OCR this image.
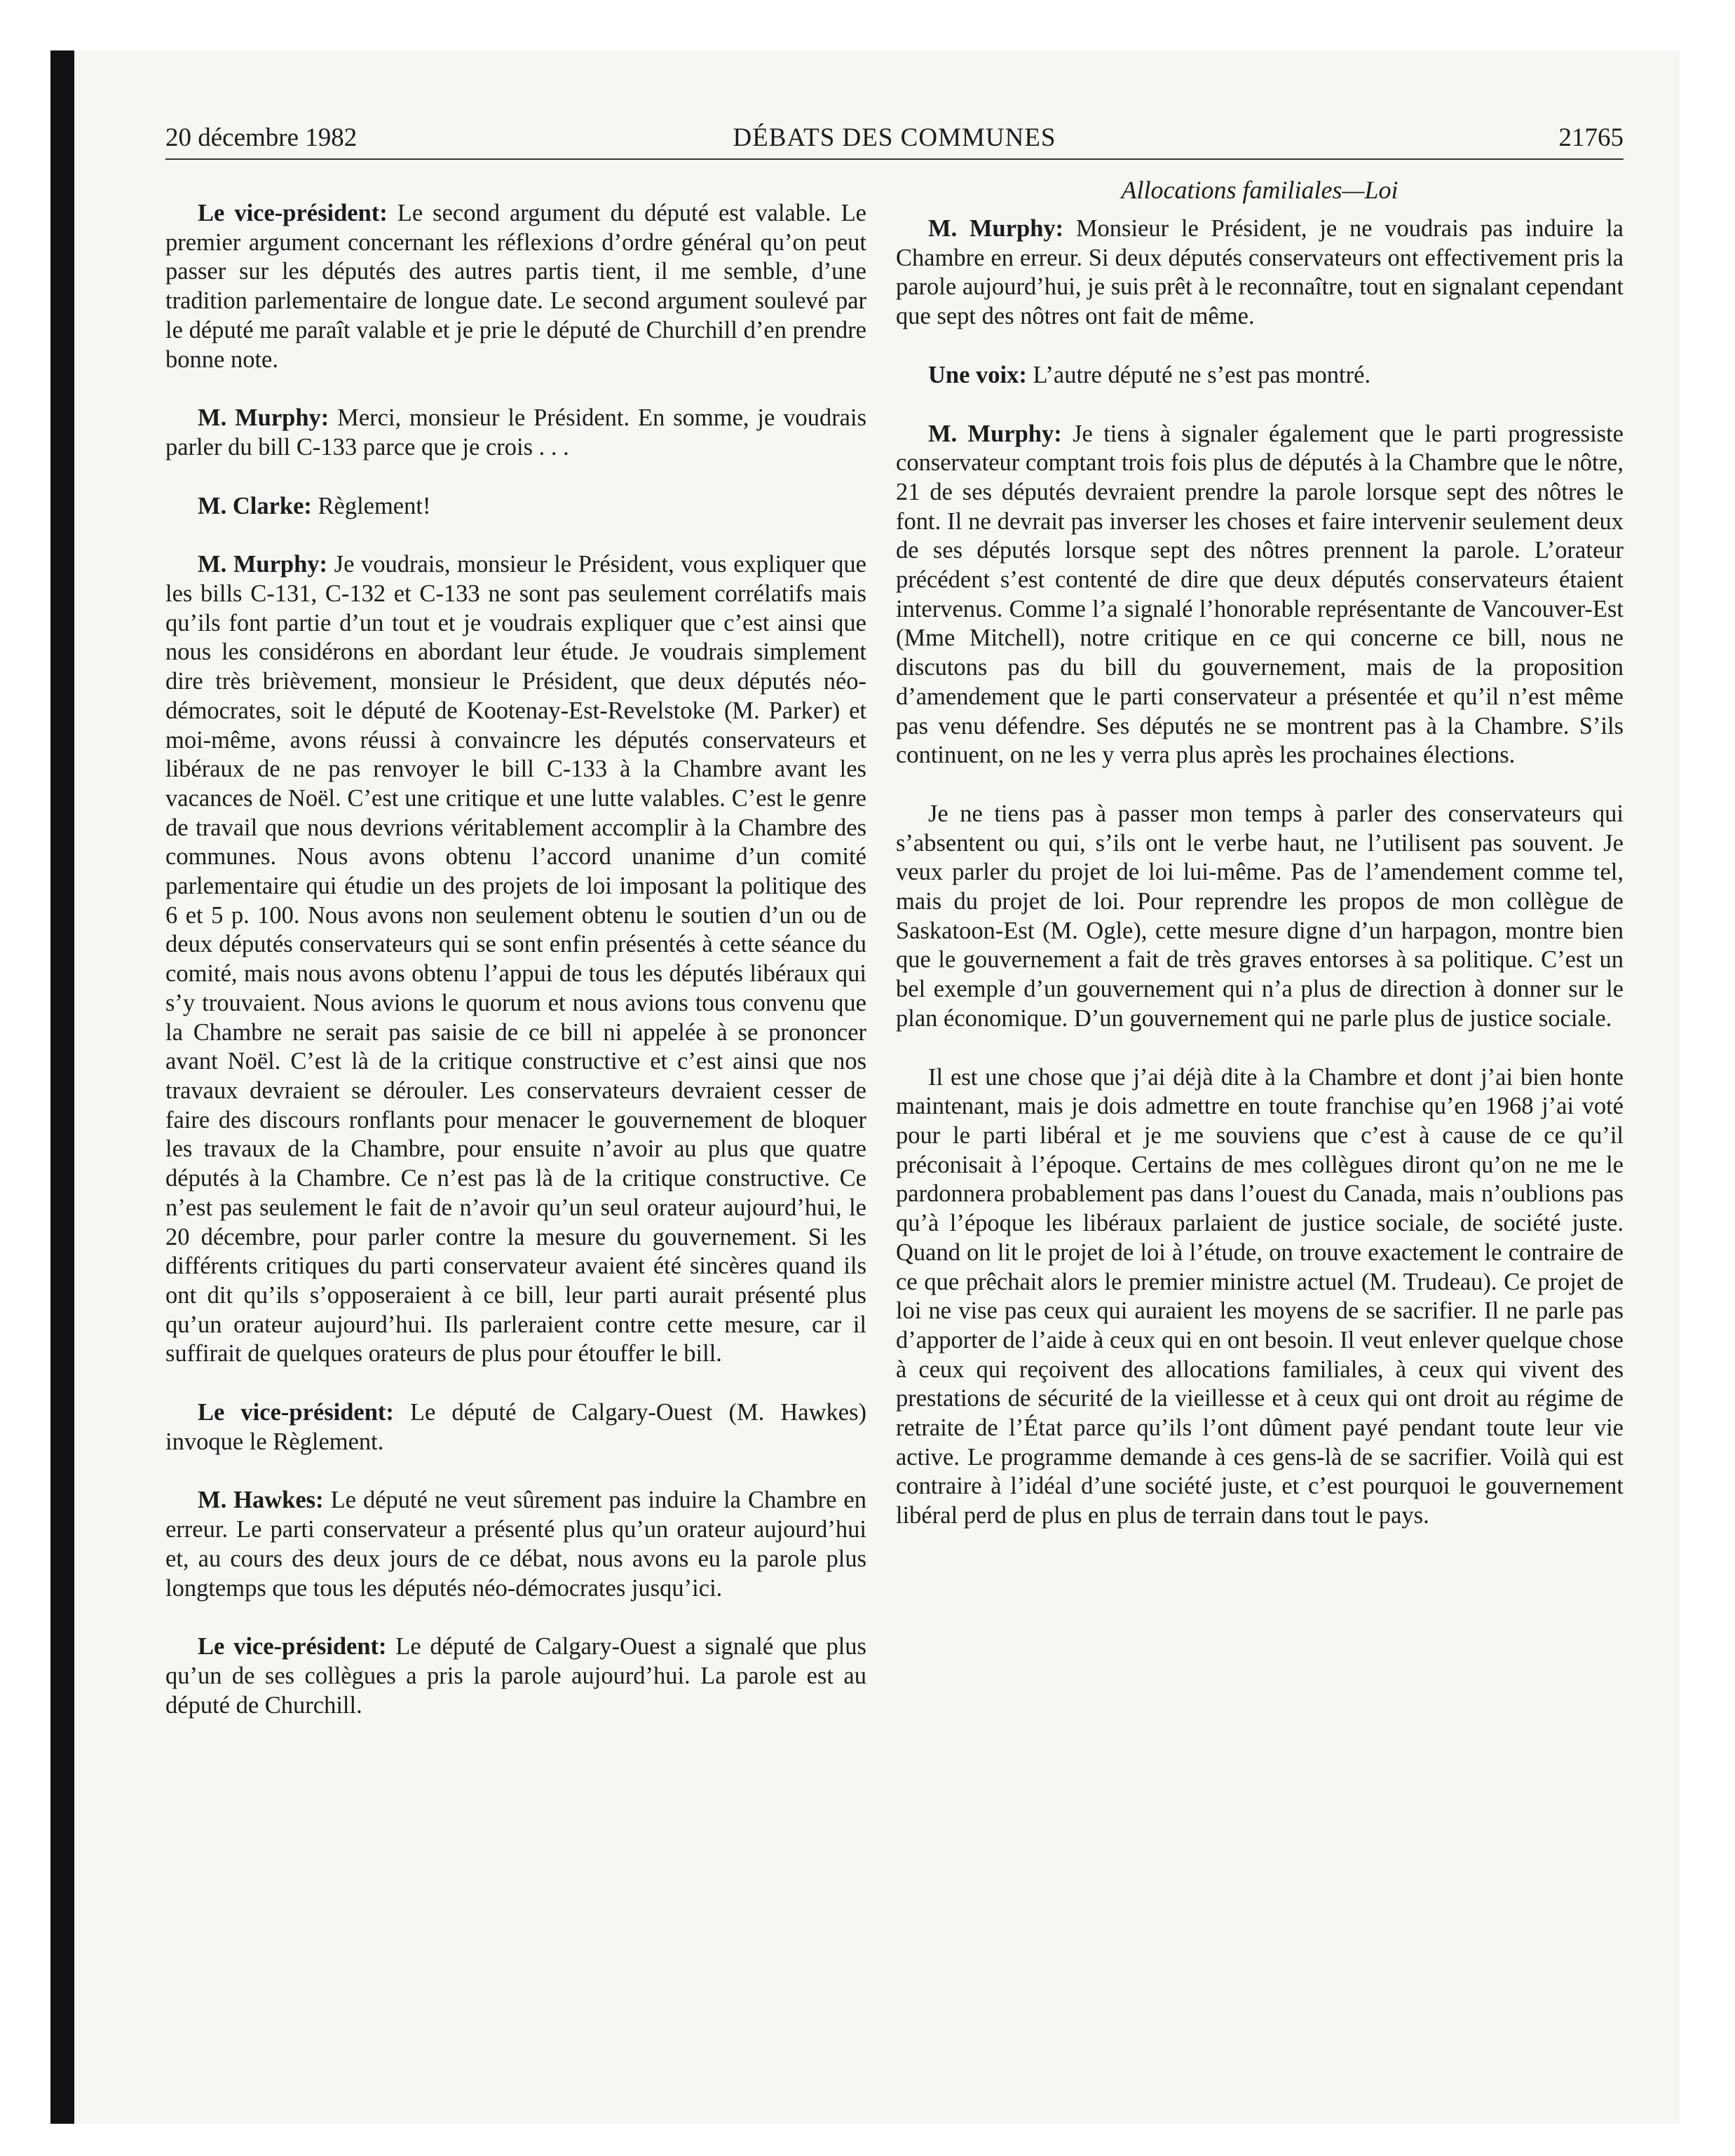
20 décembre 1982	DÉBATS DES COMMUNES	21765

Le vice-président: Le second argument du député est valable. Le premier argument concernant les réflexions d’ordre général qu’on peut passer sur les députés des autres partis tient, il me semble, d’une tradition parlementaire de longue date. Le second argument soulevé par le député me paraît valable et je prie le député de Churchill d’en prendre bonne note.

M. Murphy: Merci, monsieur le Président. En somme, je voudrais parler du bill C-133 parce que je crois . . .

M. Clarke: Règlement!

M. Murphy: Je voudrais, monsieur le Président, vous expliquer que les bills C-131, C-132 et C-133 ne sont pas seulement corrélatifs mais qu’ils font partie d’un tout et je voudrais expliquer que c’est ainsi que nous les considérons en abordant leur étude. Je voudrais simplement dire très brièvement, monsieur le Président, que deux députés néo-démocrates, soit le député de Kootenay-Est-Revelstoke (M. Parker) et moi-même, avons réussi à convaincre les députés conservateurs et libéraux de ne pas renvoyer le bill C-133 à la Chambre avant les vacances de Noël. C’est une critique et une lutte valables. C’est le genre de travail que nous devrions véritablement accomplir à la Chambre des communes. Nous avons obtenu l’accord unanime d’un comité parlementaire qui étudie un des projets de loi imposant la politique des 6 et 5 p. 100. Nous avons non seulement obtenu le soutien d’un ou de deux députés conservateurs qui se sont enfin présentés à cette séance du comité, mais nous avons obtenu l’appui de tous les députés libéraux qui s’y trouvaient. Nous avions le quorum et nous avions tous convenu que la Chambre ne serait pas saisie de ce bill ni appelée à se prononcer avant Noël. C’est là de la critique constructive et c’est ainsi que nos travaux devraient se dérouler. Les conservateurs devraient cesser de faire des discours ronflants pour menacer le gouvernement de bloquer les travaux de la Chambre, pour ensuite n’avoir au plus que quatre députés à la Chambre. Ce n’est pas là de la critique constructive. Ce n’est pas seulement le fait de n’avoir qu’un seul orateur aujourd’hui, le 20 décembre, pour parler contre la mesure du gouvernement. Si les différents critiques du parti conservateur avaient été sincères quand ils ont dit qu’ils s’opposeraient à ce bill, leur parti aurait présenté plus qu’un orateur aujourd’hui. Ils parleraient contre cette mesure, car il suffirait de quelques orateurs de plus pour étouffer le bill.

Le vice-président: Le député de Calgary-Ouest (M. Hawkes) invoque le Règlement.

M. Hawkes: Le député ne veut sûrement pas induire la Chambre en erreur. Le parti conservateur a présenté plus qu’un orateur aujourd’hui et, au cours des deux jours de ce débat, nous avons eu la parole plus longtemps que tous les députés néo-démocrates jusqu’ici.

Le vice-président: Le député de Calgary-Ouest a signalé que plus qu’un de ses collègues a pris la parole aujourd’hui. La parole est au député de Churchill.

Allocations familiales—Loi

M. Murphy: Monsieur le Président, je ne voudrais pas induire la Chambre en erreur. Si deux députés conservateurs ont effectivement pris la parole aujourd’hui, je suis prêt à le reconnaître, tout en signalant cependant que sept des nôtres ont fait de même.

Une voix: L’autre député ne s’est pas montré.

M. Murphy: Je tiens à signaler également que le parti progressiste conservateur comptant trois fois plus de députés à la Chambre que le nôtre, 21 de ses députés devraient prendre la parole lorsque sept des nôtres le font. Il ne devrait pas inverser les choses et faire intervenir seulement deux de ses députés lorsque sept des nôtres prennent la parole. L’orateur précédent s’est contenté de dire que deux députés conservateurs étaient intervenus. Comme l’a signalé l’honorable représentante de Vancouver-Est (Mme Mitchell), notre critique en ce qui concerne ce bill, nous ne discutons pas du bill du gouvernement, mais de la proposition d’amendement que le parti conservateur a présentée et qu’il n’est même pas venu défendre. Ses députés ne se montrent pas à la Chambre. S’ils continuent, on ne les y verra plus après les prochaines élections.

Je ne tiens pas à passer mon temps à parler des conservateurs qui s’absentent ou qui, s’ils ont le verbe haut, ne l’utilisent pas souvent. Je veux parler du projet de loi lui-même. Pas de l’amendement comme tel, mais du projet de loi. Pour reprendre les propos de mon collègue de Saskatoon-Est (M. Ogle), cette mesure digne d’un harpagon, montre bien que le gouvernement a fait de très graves entorses à sa politique. C’est un bel exemple d’un gouvernement qui n’a plus de direction à donner sur le plan économique. D’un gouvernement qui ne parle plus de justice sociale.

Il est une chose que j’ai déjà dite à la Chambre et dont j’ai bien honte maintenant, mais je dois admettre en toute franchise qu’en 1968 j’ai voté pour le parti libéral et je me souviens que c’est à cause de ce qu’il préconisait à l’époque. Certains de mes collègues diront qu’on ne me le pardonnera probablement pas dans l’ouest du Canada, mais n’oublions pas qu’à l’époque les libéraux parlaient de justice sociale, de société juste. Quand on lit le projet de loi à l’étude, on trouve exactement le contraire de ce que prêchait alors le premier ministre actuel (M. Trudeau). Ce projet de loi ne vise pas ceux qui auraient les moyens de se sacrifier. Il ne parle pas d’apporter de l’aide à ceux qui en ont besoin. Il veut enlever quelque chose à ceux qui reçoivent des allocations familiales, à ceux qui vivent des prestations de sécurité de la vieillesse et à ceux qui ont droit au régime de retraite de l’État parce qu’ils l’ont dûment payé pendant toute leur vie active. Le programme demande à ces gens-là de se sacrifier. Voilà qui est contraire à l’idéal d’une société juste, et c’est pourquoi le gouvernement libéral perd de plus en plus de terrain dans tout le pays.
